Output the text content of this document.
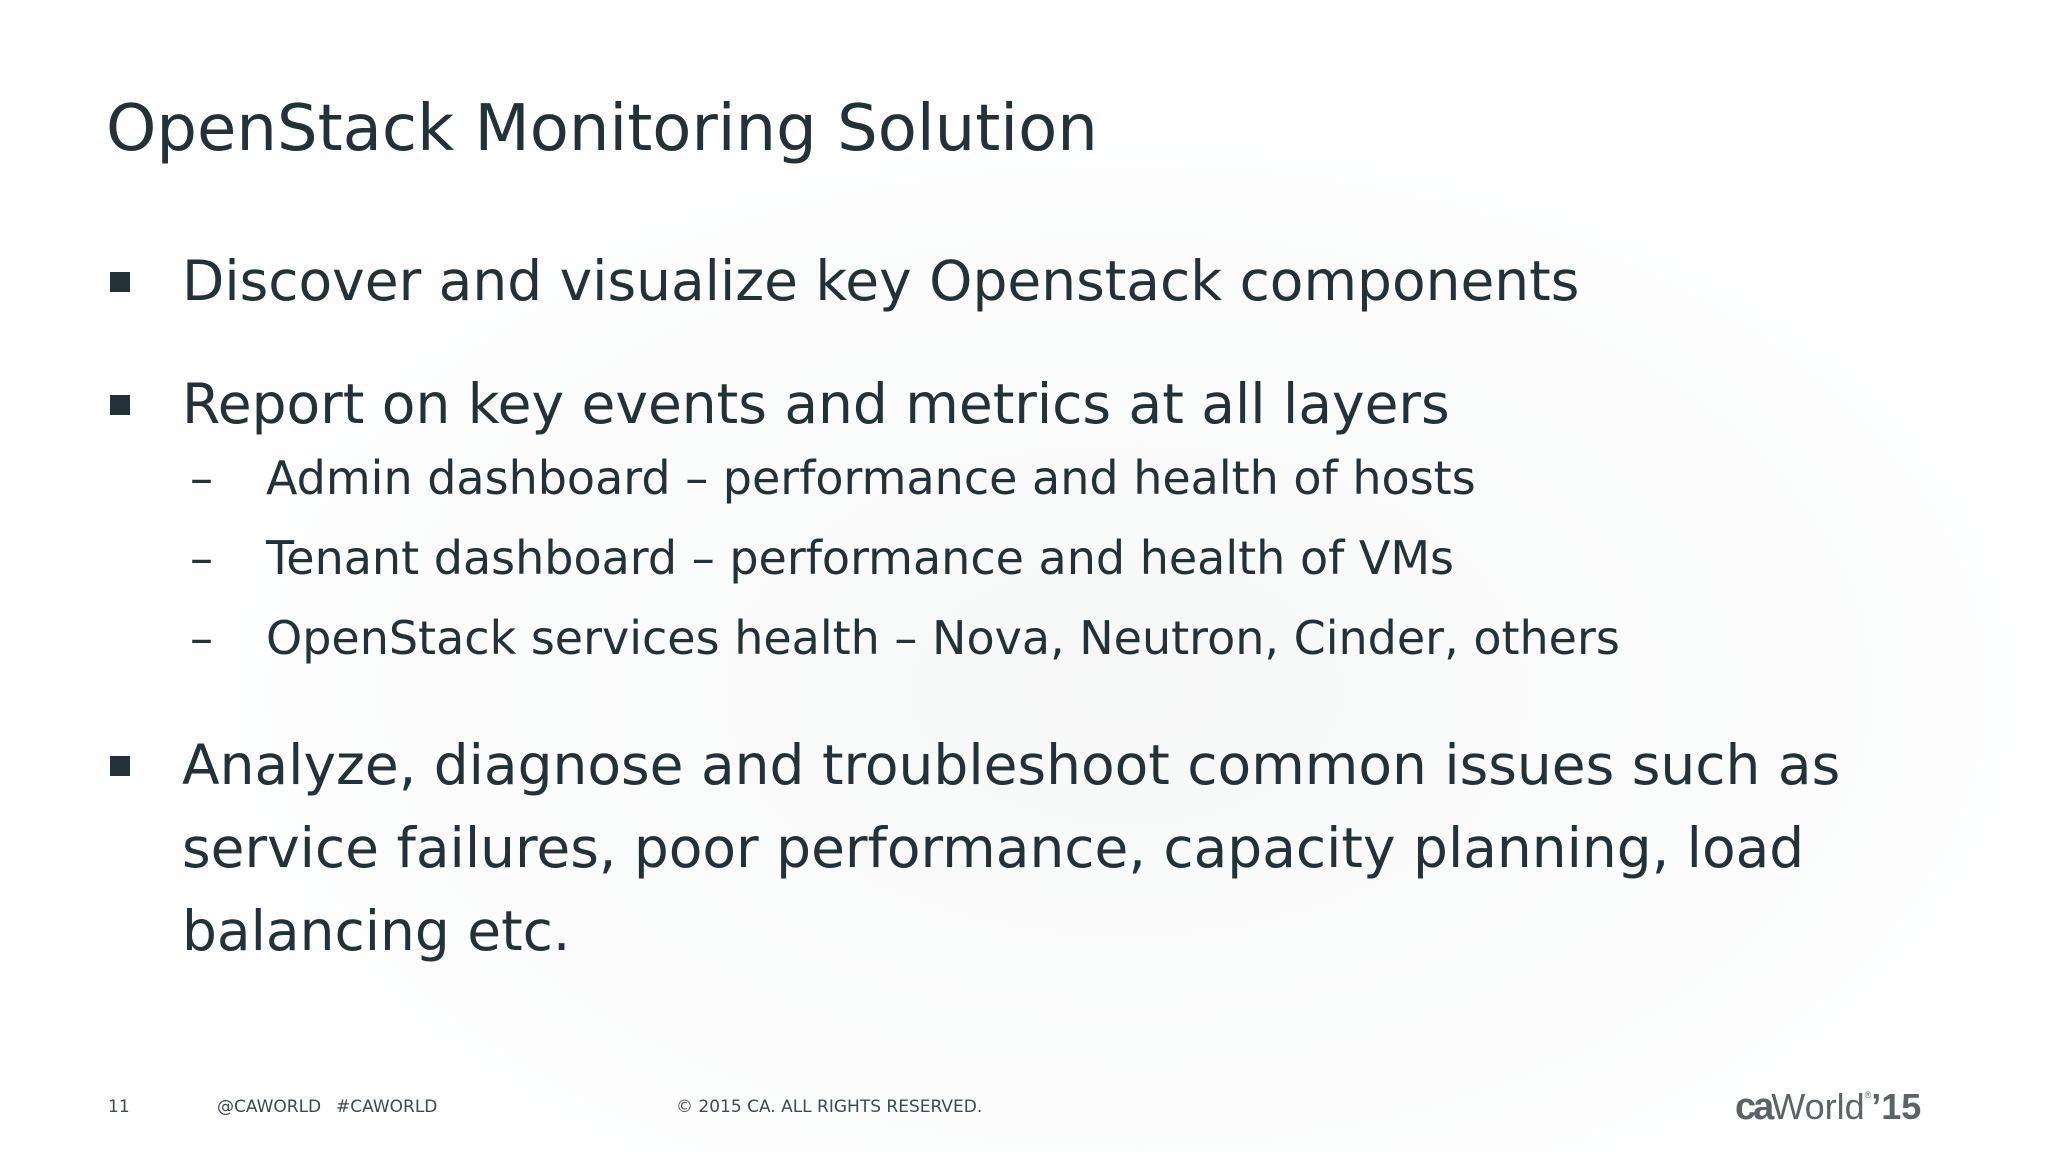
OpenStack Monitoring Solution
Discover and visualize key Openstack components
Report on key events and metrics at all layers
– Admin dashboard – performance and health of hosts
– Tenant dashboard – performance and health of VMs
– OpenStack services health – Nova, Neutron, Cinder, others
Analyze, diagnose and troubleshoot common issues such as service failures, poor performance, capacity planning, load balancing etc.
11	@CAWORLD #CAWORLD	© 2015 CA. ALL RIGHTS RESERVED.	caWorld®’15
